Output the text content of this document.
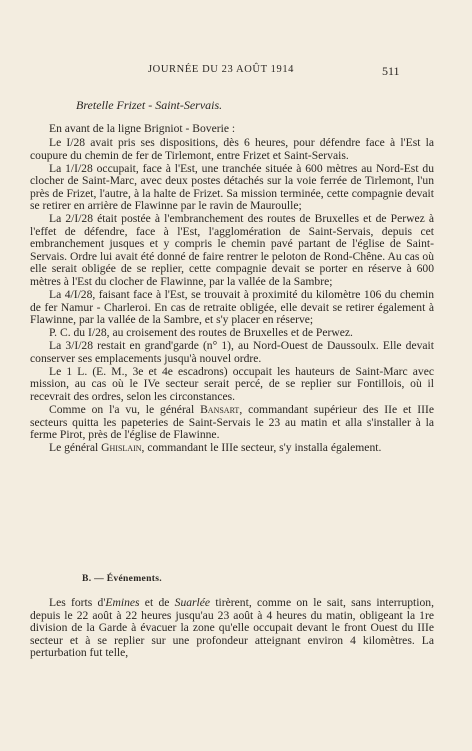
JOURNÉE DU 23 AOÛT 1914	511
Bretelle Frizet - Saint-Servais.

En avant de la ligne Brigniot - Boverie :

Le I/28 avait pris ses dispositions, dès 6 heures, pour défendre face à l'Est la coupure du chemin de fer de Tirlemont, entre Frizet et Saint-Servais.

La 1/I/28 occupait, face à l'Est, une tranchée située à 600 mètres au Nord-Est du clocher de Saint-Marc, avec deux postes détachés sur la voie ferrée de Tirlemont, l'un près de Frizet, l'autre, à la halte de Frizet. Sa mission terminée, cette compagnie devait se retirer en arrière de Flawinne par le ravin de Mauroulle;

La 2/I/28 était postée à l'embranchement des routes de Bruxelles et de Perwez à l'effet de défendre, face à l'Est, l'agglomération de Saint-Servais, depuis cet embranchement jusques et y compris le chemin pavé partant de l'église de Saint-Servais. Ordre lui avait été donné de faire rentrer le peloton de Rond-Chêne. Au cas où elle serait obligée de se replier, cette compagnie devait se porter en réserve à 600 mètres à l'Est du clocher de Flawinne, par la vallée de la Sambre;

La 4/I/28, faisant face à l'Est, se trouvait à proximité du kilomètre 106 du chemin de fer Namur - Charleroi. En cas de retraite obligée, elle devait se retirer également à Flawinne, par la vallée de la Sambre, et s'y placer en réserve;

P. C. du I/28, au croisement des routes de Bruxelles et de Perwez.

La 3/I/28 restait en grand'garde (n° 1), au Nord-Ouest de Daussoulx. Elle devait conserver ses emplacements jusqu'à nouvel ordre.

Le 1 L. (E. M., 3e et 4e escadrons) occupait les hauteurs de Saint-Marc avec mission, au cas où le IVe secteur serait percé, de se replier sur Fontillois, où il recevrait des ordres, selon les circonstances.

Comme on l'a vu, le général Bansart, commandant supérieur des IIe et IIIe secteurs quitta les papeteries de Saint-Servais le 23 au matin et alla s'installer à la ferme Pirot, près de l'église de Flawinne.

Le général Ghislain, commandant le IIIe secteur, s'y installa également.

B. — Événements.

Les forts d'Emines et de Suarlée tirèrent, comme on le sait, sans interruption, depuis le 22 août à 22 heures jusqu'au 23 août à 4 heures du matin, obligeant la 1re division de la Garde à évacuer la zone qu'elle occupait devant le front Ouest du IIIe secteur et à se replier sur une profondeur atteignant environ 4 kilomètres. La perturbation fut telle,
